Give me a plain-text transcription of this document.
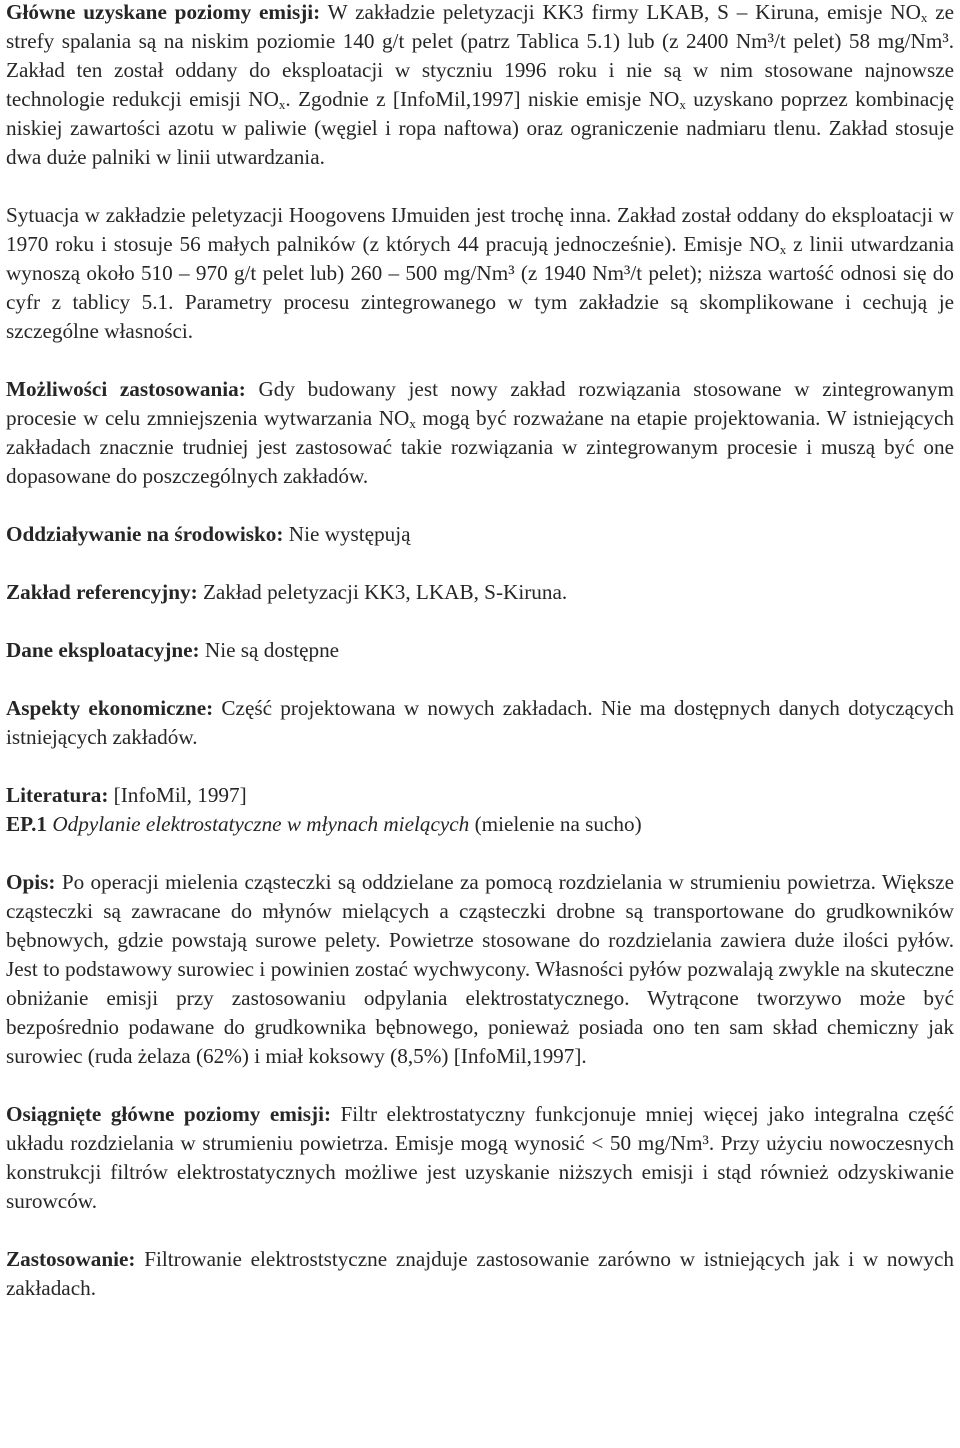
Główne uzyskane poziomy emisji: W zakładzie peletyzacji KK3 firmy LKAB, S – Kiruna, emisje $NO_x$ ze strefy spalania są na niskim poziomie 140 g/t pelet (patrz Tablica 5.1) lub (z 2400 Nm³/t pelet) 58 mg/Nm³. Zakład ten został oddany do eksploatacji w styczniu 1996 roku i nie są w nim stosowane najnowsze technologie redukcji emisji $NO_x$. Zgodnie z [InfoMil,1997] niskie emisje $NO_x$ uzyskano poprzez kombinację niskiej zawartości azotu w paliwie (węgiel i ropa naftowa) oraz ograniczenie nadmiaru tlenu. Zakład stosuje dwa duże palniki w linii utwardzania.

Sytuacja w zakładzie peletyzacji Hoogovens IJmuiden jest trochę inna. Zakład został oddany do eksploatacji w 1970 roku i stosuje 56 małych palników (z których 44 pracują jednocześnie). Emisje $NO_x$ z linii utwardzania wynoszą około 510 – 970 g/t pelet lub) 260 – 500 mg/Nm³ (z 1940 Nm³/t pelet); niższa wartość odnosi się do cyfr z tablicy 5.1. Parametry procesu zintegrowanego w tym zakładzie są skomplikowane i cechują je szczególne własności.

Możliwości zastosowania: Gdy budowany jest nowy zakład rozwiązania stosowane w zintegrowanym procesie w celu zmniejszenia wytwarzania $NO_x$ mogą być rozważane na etapie projektowania. W istniejących zakładach znacznie trudniej jest zastosować takie rozwiązania w zintegrowanym procesie i muszą być one dopasowane do poszczególnych zakładów.

Oddziaływanie na środowisko: Nie występują

Zakład referencyjny: Zakład peletyzacji KK3, LKAB, S-Kiruna.

Dane eksploatacyjne: Nie są dostępne

Aspekty ekonomiczne: Część projektowana w nowych zakładach. Nie ma dostępnych danych dotyczących istniejących zakładów.

Literatura: [InfoMil, 1997]

EP.1 Odpylanie elektrostatyczne w młynach mielących (mielenie na sucho)

Opis: Po operacji mielenia cząsteczki są oddzielane za pomocą rozdzielania w strumieniu powietrza. Większe cząsteczki są zawracane do młynów mielących a cząsteczki drobne są transportowane do grudkowników bębnowych, gdzie powstają surowe pelety. Powietrze stosowane do rozdzielania zawiera duże ilości pyłów. Jest to podstawowy surowiec i powinien zostać wychwycony. Własności pyłów pozwalają zwykle na skuteczne obniżanie emisji przy zastosowaniu odpylania elektrostatycznego. Wytrącone tworzywo może być bezpośrednio podawane do grudkownika bębnowego, ponieważ posiada ono ten sam skład chemiczny jak surowiec (ruda żelaza (62%) i miał koksowy (8,5%) [InfoMil,1997].

Osiągnięte główne poziomy emisji: Filtr elektrostatyczny funkcjonuje mniej więcej jako integralna część układu rozdzielania w strumieniu powietrza. Emisje mogą wynosić < 50 mg/Nm³. Przy użyciu nowoczesnych konstrukcji filtrów elektrostatycznych możliwe jest uzyskanie niższych emisji i stąd również odzyskiwanie surowców.

Zastosowanie: Filtrowanie elektroststyczne znajduje zastosowanie zarówno w istniejących jak i w nowych zakładach.
